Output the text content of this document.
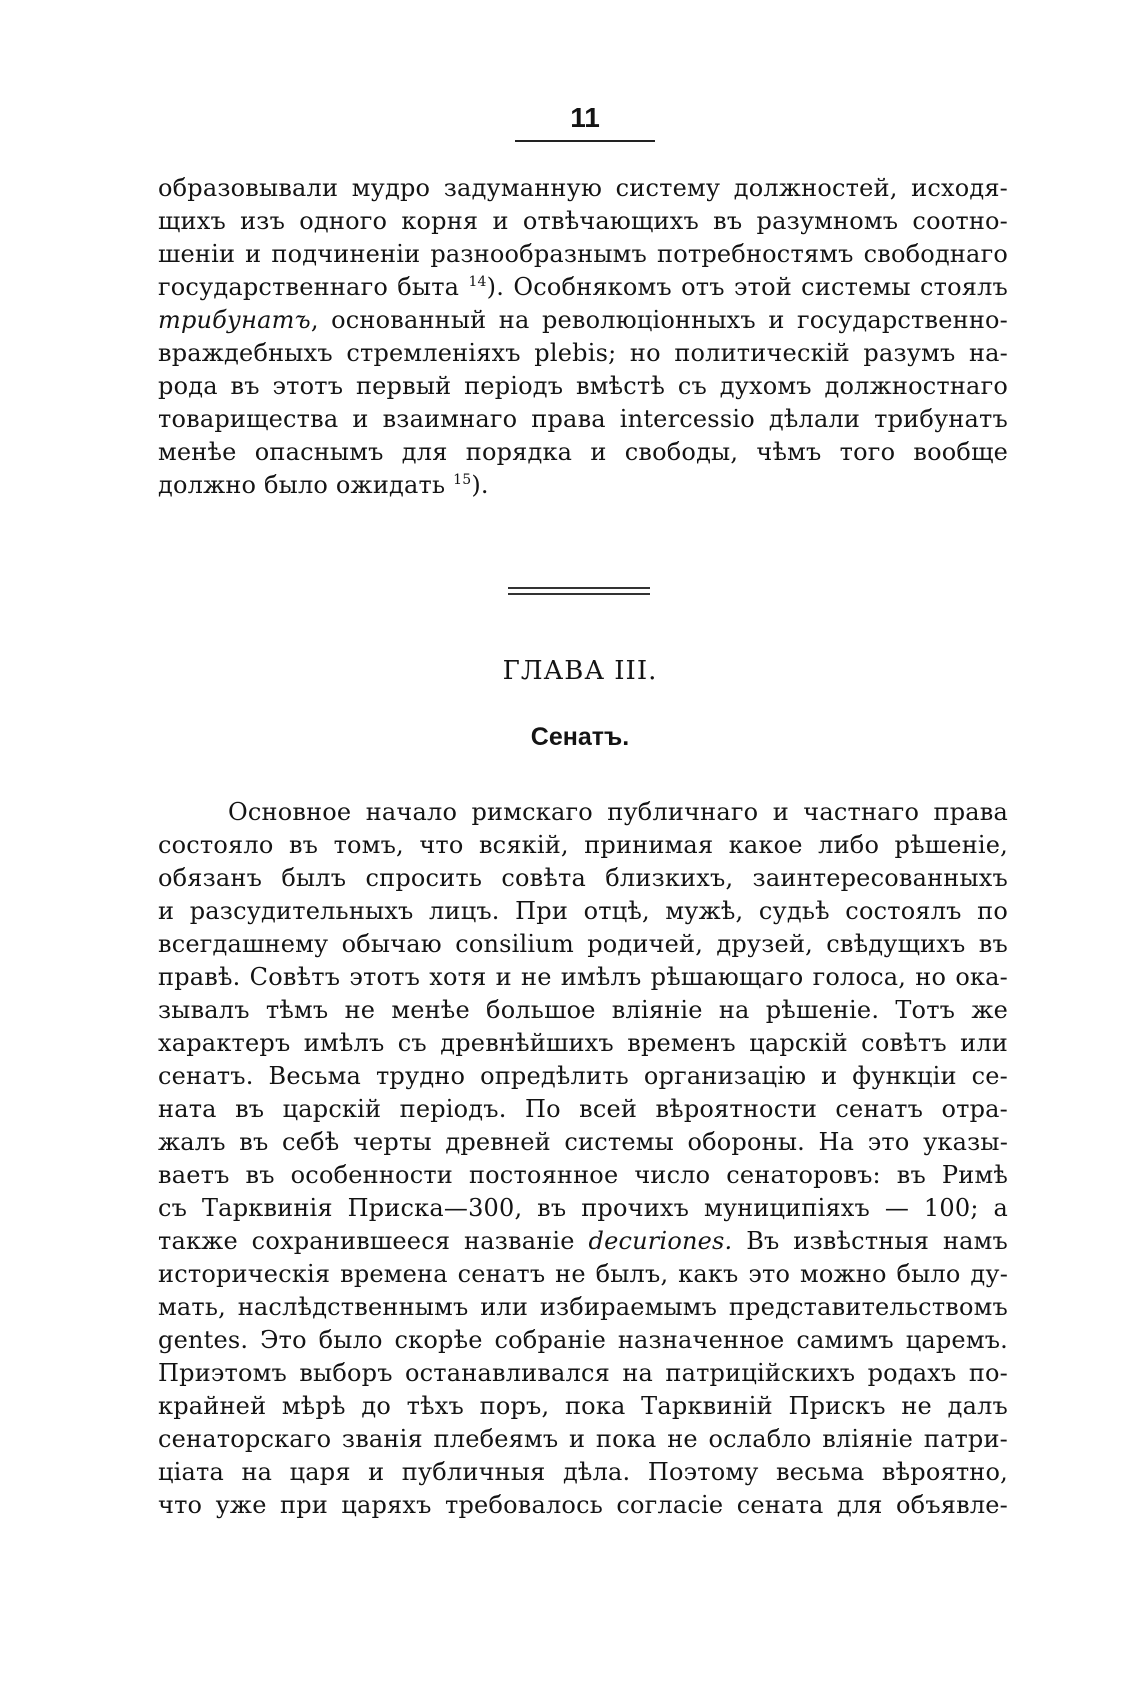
11
образовывали мудро задуманную систему должностей, исходя-
щихъ изъ одного корня и отвѣчающихъ въ разумномъ соотно-
шеніи и подчиненіи разнообразнымъ потребностямъ свободнаго
государственнаго быта $^{14}$). Особнякомъ отъ этой системы стоялъ
трибунатъ, основанный на революціонныхъ и государственно-
враждебныхъ стремленіяхъ plebis; но политическій разумъ на-
рода въ этотъ первый періодъ вмѣстѣ съ духомъ должностнаго
товарищества и взаимнаго права intercessio дѣлали трибунатъ
менѣе опаснымъ для порядка и свободы, чѣмъ того вообще
должно было ожидать $^{15}$).
ГЛАВА III.
Сенатъ.
Основное начало римскаго публичнаго и частнаго права
состояло въ томъ, что всякій, принимая какое либо рѣшеніе,
обязанъ былъ спросить совѣта близкихъ, заинтересованныхъ
и разсудительныхъ лицъ. При отцѣ, мужѣ, судьѣ состоялъ по
всегдашнему обычаю consilium родичей, друзей, свѣдущихъ въ
правѣ. Совѣтъ этотъ хотя и не имѣлъ рѣшающаго голоса, но ока-
зывалъ тѣмъ не менѣе большое вліяніе на рѣшеніе. Тотъ же
характеръ имѣлъ съ древнѣйшихъ временъ царскій совѣтъ или
сенатъ. Весьма трудно опредѣлить организацію и функціи се-
ната въ царскій періодъ. По всей вѣроятности сенатъ отра-
жалъ въ себѣ черты древней системы обороны. На это указы-
ваетъ въ особенности постоянное число сенаторовъ: въ Римѣ
съ Тарквинія Приска—300, въ прочихъ муниципіяхъ — 100; а
также сохранившееся названіе decuriones. Въ извѣстныя намъ
историческія времена сенатъ не былъ, какъ это можно было ду-
мать, наслѣдственнымъ или избираемымъ представительствомъ
gentes. Это было скорѣе собраніе назначенное самимъ царемъ.
Приэтомъ выборъ останавливался на патриційскихъ родахъ по-
крайней мѣрѣ до тѣхъ поръ, пока Тарквиній Прискъ не далъ
сенаторскаго званія плебеямъ и пока не ослабло вліяніе патри-
ціата на царя и публичныя дѣла. Поэтому весьма вѣроятно,
что уже при царяхъ требовалось согласіе сената для объявле-
